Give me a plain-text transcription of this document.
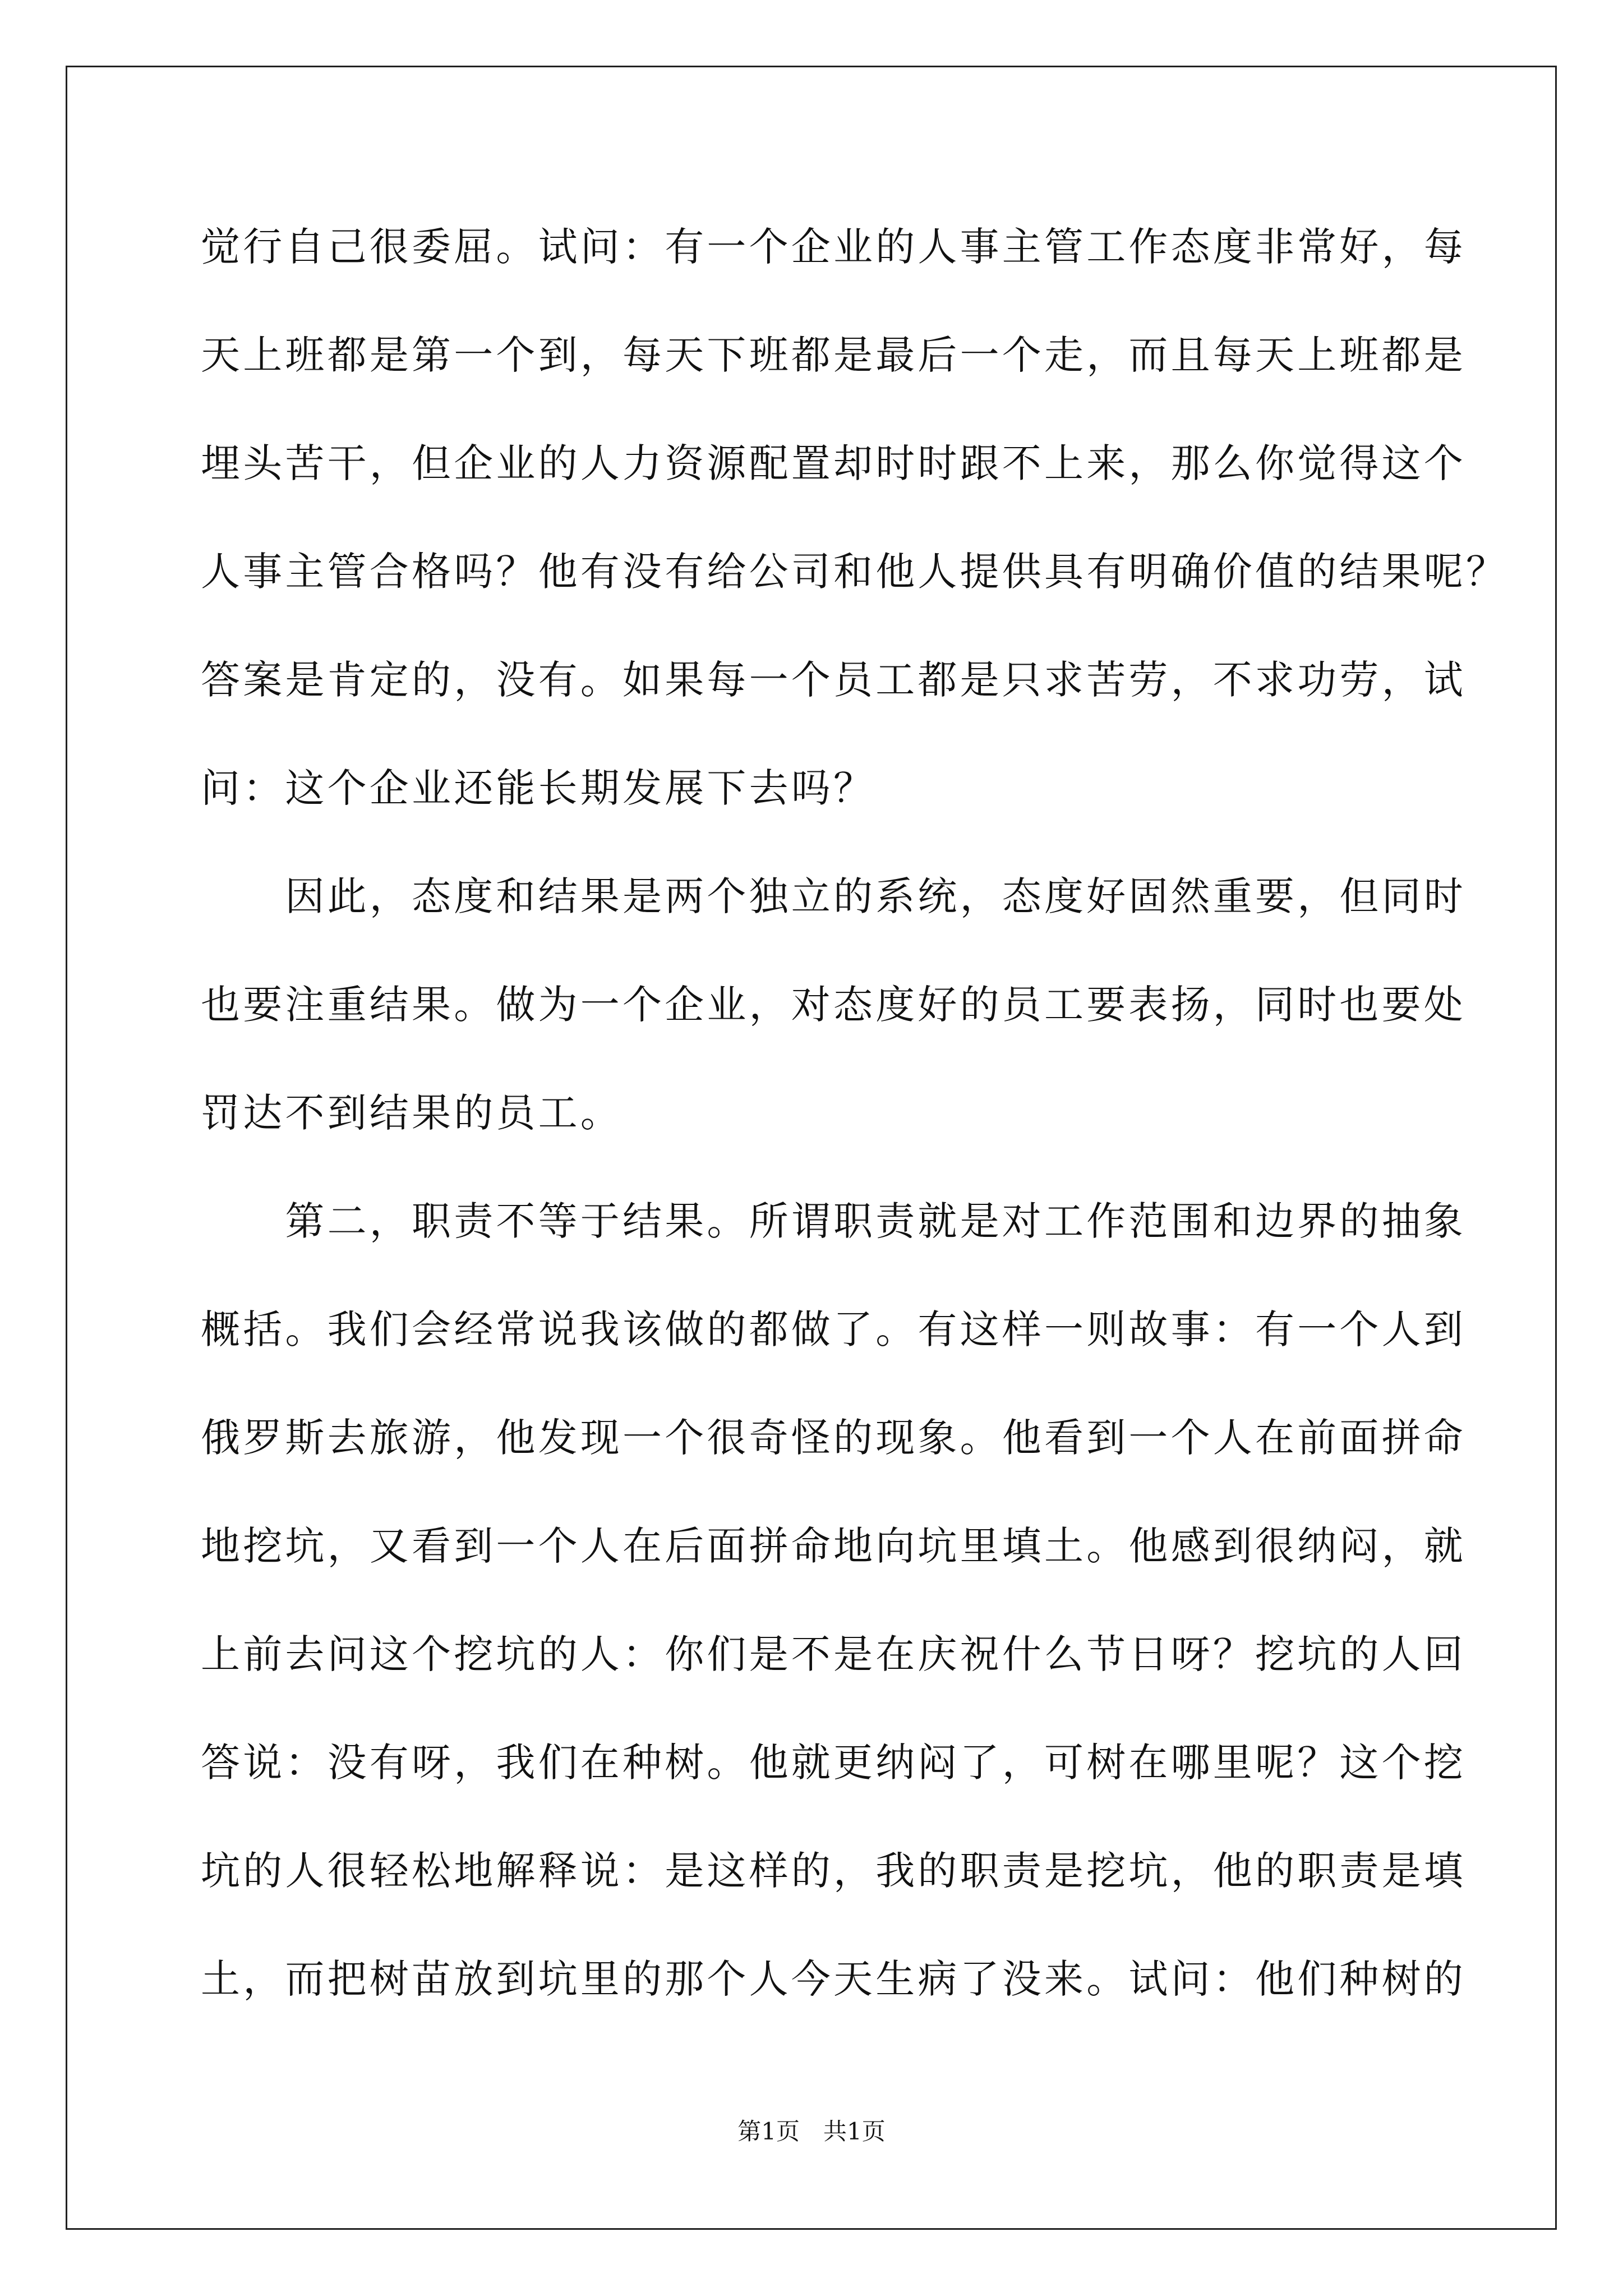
觉行自己很委屈。试问：有一个企业的人事主管工作态度非常好，每
天上班都是第一个到，每天下班都是最后一个走，而且每天上班都是
埋头苦干，但企业的人力资源配置却时时跟不上来，那么你觉得这个
人事主管合格吗？他有没有给公司和他人提供具有明确价值的结果呢？
答案是肯定的，没有。如果每一个员工都是只求苦劳，不求功劳，试
问：这个企业还能长期发展下去吗？
　　因此，态度和结果是两个独立的系统，态度好固然重要，但同时
也要注重结果。做为一个企业，对态度好的员工要表扬，同时也要处
罚达不到结果的员工。
　　第二，职责不等于结果。所谓职责就是对工作范围和边界的抽象
概括。我们会经常说我该做的都做了。有这样一则故事：有一个人到
俄罗斯去旅游，他发现一个很奇怪的现象。他看到一个人在前面拼命
地挖坑，又看到一个人在后面拼命地向坑里填土。他感到很纳闷，就
上前去问这个挖坑的人：你们是不是在庆祝什么节日呀？挖坑的人回
答说：没有呀，我们在种树。他就更纳闷了，可树在哪里呢？这个挖
坑的人很轻松地解释说：是这样的，我的职责是挖坑，他的职责是填
土，而把树苗放到坑里的那个人今天生病了没来。试问：他们种树的
第1页　共1页
